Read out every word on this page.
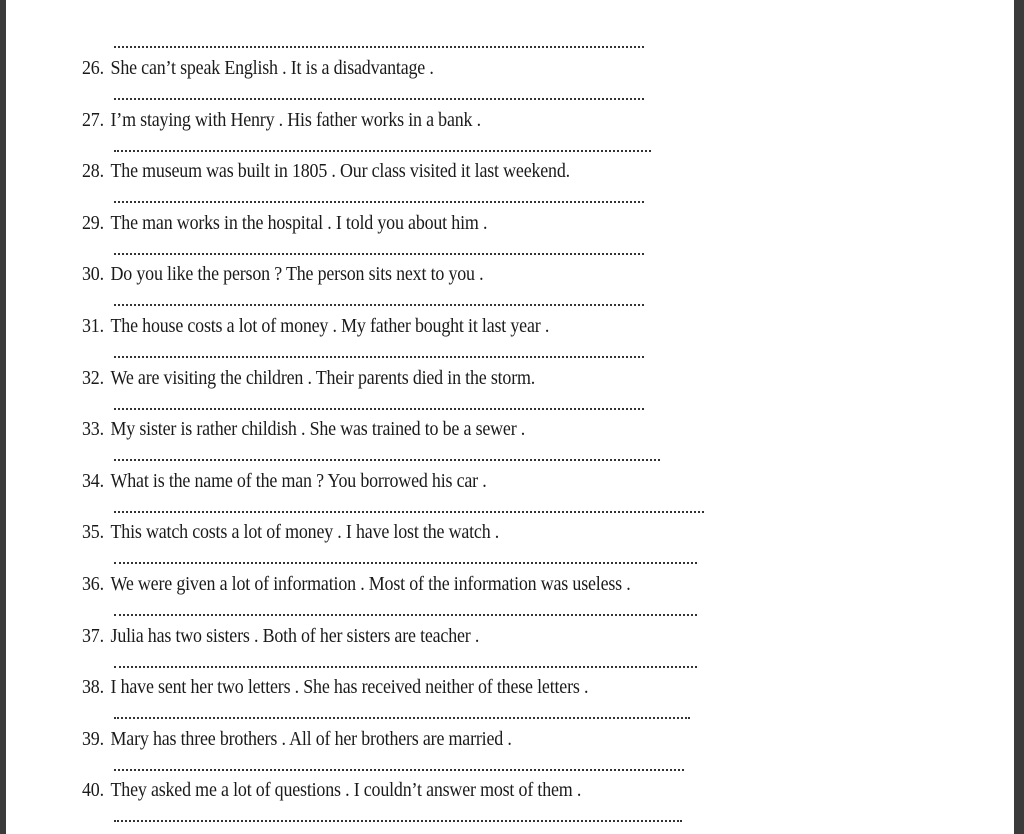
26. She can’t speak English . It is a disadvantage .
27. I’m staying with Henry . His father works in a bank .
28. The museum was built in 1805 . Our class visited it last weekend.
29. The man works in the hospital . I told you about him .
30. Do you like the person ? The person sits next to you .
31. The house costs a lot of money . My father bought it last year .
32. We are visiting the children . Their parents died in the storm.
33. My sister is rather childish . She was trained to be a sewer .
34. What is the name of the man ? You borrowed his car .
35. This watch costs a lot of money . I have lost the watch .
36. We were given a lot of information . Most of the information was useless .
37. Julia has two sisters . Both of her sisters are teacher .
38. I have sent her two letters . She has received neither of these letters .
39. Mary has three brothers . All of her brothers are married .
40. They asked me a lot of questions . I couldn’t answer most of them .
